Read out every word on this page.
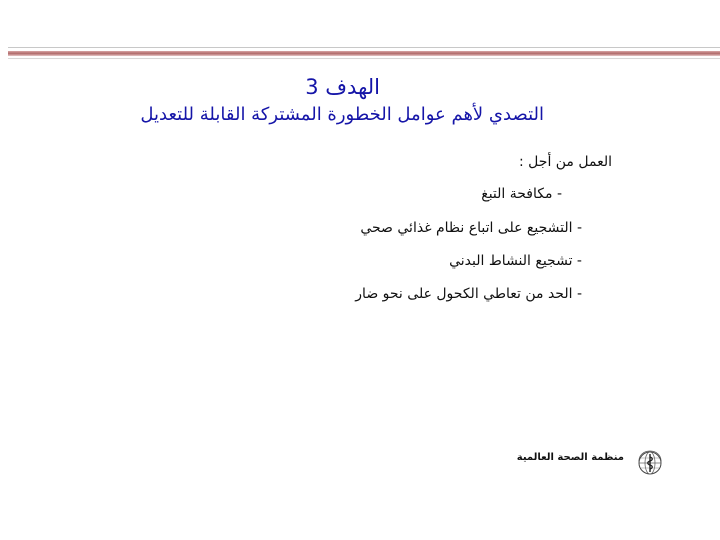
الهدف 3
التصدي لأهم عوامل الخطورة المشتركة القابلة للتعديل
العمل من أجل :
- مكافحة التبغ
- التشجيع على اتباع نظام غذائي صحي
- تشجيع النشاط البدني
- الحد من تعاطي الكحول على نحو ضار
منظمة الصحة العالمية
